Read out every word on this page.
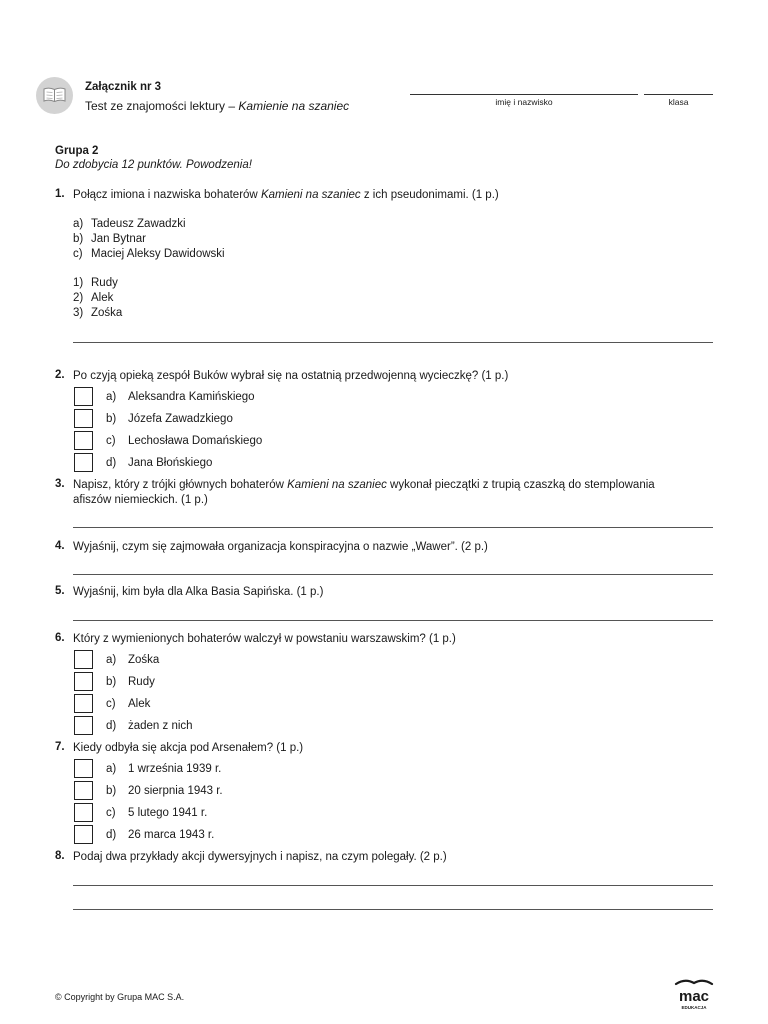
Załącznik nr 3
Test ze znajomości lektury – Kamienie na szaniec	imię i nazwisko	klasa
Grupa 2
Do zdobycia 12 punktów. Powodzenia!
1. Połącz imiona i nazwiska bohaterów Kamieni na szaniec z ich pseudonimami. (1 p.)
a) Tadeusz Zawadzki
b) Jan Bytnar
c) Maciej Aleksy Dawidowski
1) Rudy
2) Alek
3) Zośka
2. Po czyją opieką zespół Buków wybrał się na ostatnią przedwojenną wycieczkę? (1 p.)
a) Aleksandra Kamińskiego
b) Józefa Zawadzkiego
c) Lechosława Domańskiego
d) Jana Błońskiego
3. Napisz, który z trójki głównych bohaterów Kamieni na szaniec wykonał pieczątki z trupią czaszką do stemplowania
afiszów niemieckich. (1 p.)
4. Wyjaśnij, czym się zajmowała organizacja konspiracyjna o nazwie „Wawer”. (2 p.)
5. Wyjaśnij, kim była dla Alka Basia Sapińska. (1 p.)
6. Który z wymienionych bohaterów walczył w powstaniu warszawskim? (1 p.)
a) Zośka
b) Rudy
c) Alek
d) żaden z nich
7. Kiedy odbyła się akcja pod Arsenałem? (1 p.)
a) 1 września 1939 r.
b) 20 sierpnia 1943 r.
c) 5 lutego 1941 r.
d) 26 marca 1943 r.
8. Podaj dwa przykłady akcji dywersyjnych i napisz, na czym polegały. (2 p.)
© Copyright by Grupa MAC S.A.	mac
EDUKACJA
